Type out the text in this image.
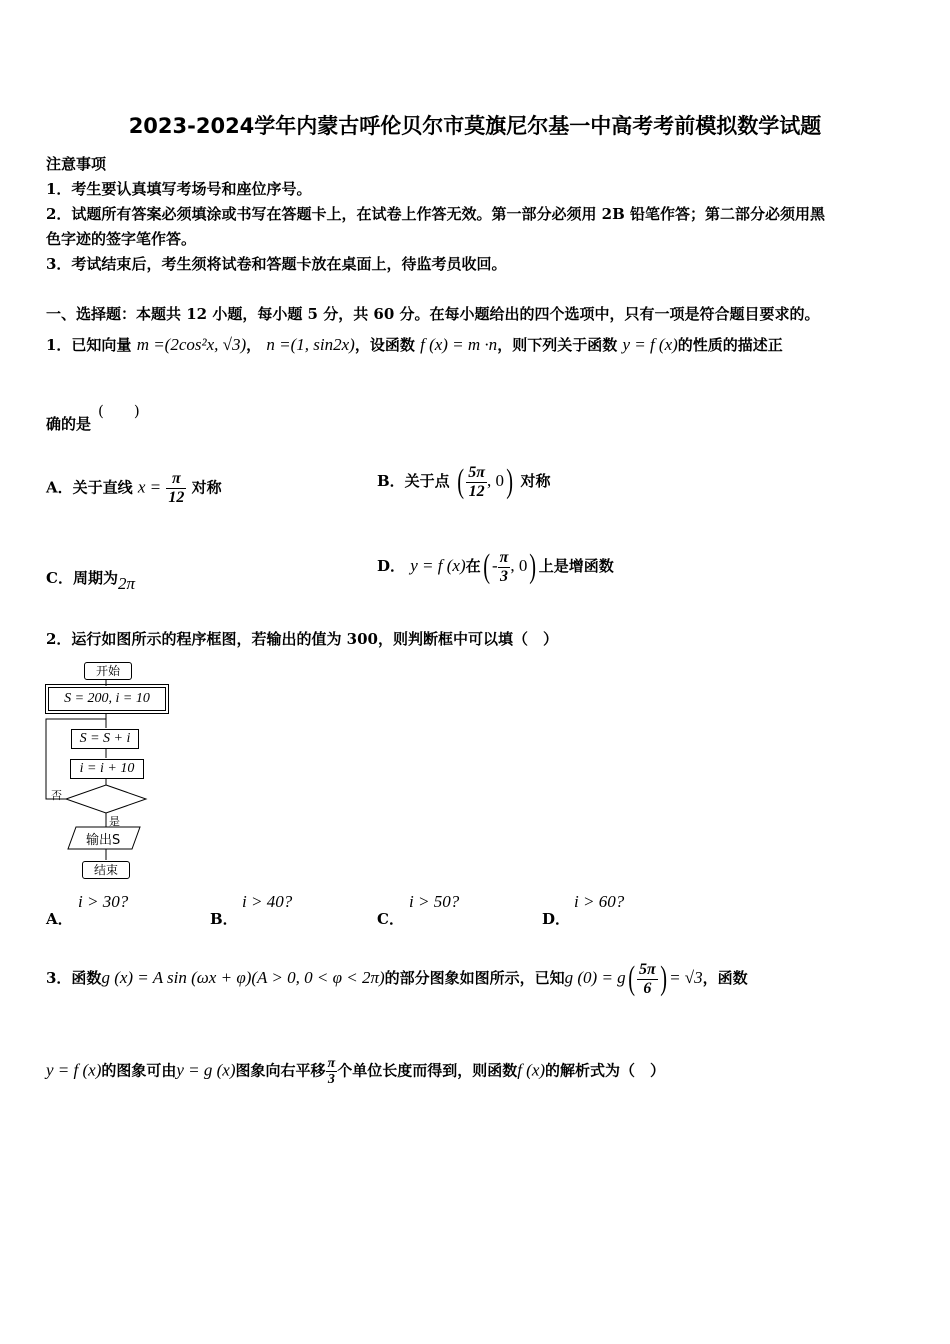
2023-2024学年内蒙古呼伦贝尔市莫旗尼尔基一中高考考前模拟数学试题
注意事项
1．考生要认真填写考场号和座位序号。
2．试题所有答案必须填涂或书写在答题卡上，在试卷上作答无效。第一部分必须用 2B 铅笔作答；第二部分必须用黑
色字迹的签字笔作答。
3．考试结束后，考生须将试卷和答题卡放在桌面上，待监考员收回。
一、选择题：本题共 12 小题，每小题 5 分，共 60 分。在每小题给出的四个选项中，只有一项是符合题目要求的。
1．已知向量 m =(2cos²x, √3)， n =(1, sin2x)，设函数 f (x) = m ·n，则下列关于函数 y = f (x)的性质的描述正
确的是
(　　)
A．关于直线 $x = \frac{\pi}{12}$ 对称	B．关于点 ( $\frac{5\pi}{12}$ , 0) 对称
C．周期为2π
D． y = f (x)在( - $\frac{\pi}{3}$ , 0) 上是增函数
2．运行如图所示的程序框图，若输出的值为 300，则判断框中可以填（　）
开始
S = 200, i = 10
S = S + i
i = i + 10
否
是
输出S
结束
A．
i > 30?
B．
i > 40?
C．
i > 50?
D．
i > 60?
3．函数g (x) = A sin (ωx + φ)(A > 0, 0 < φ < 2π)的部分图象如图所示，已知g $(0) = g( \frac{5\pi}{6}$ ) = √3，函数
y = f (x)的图象可由y = g (x)图象向右平移 $\frac{\pi}{3}$ 个单位长度而得到，则函数f (x)的解析式为（　）
